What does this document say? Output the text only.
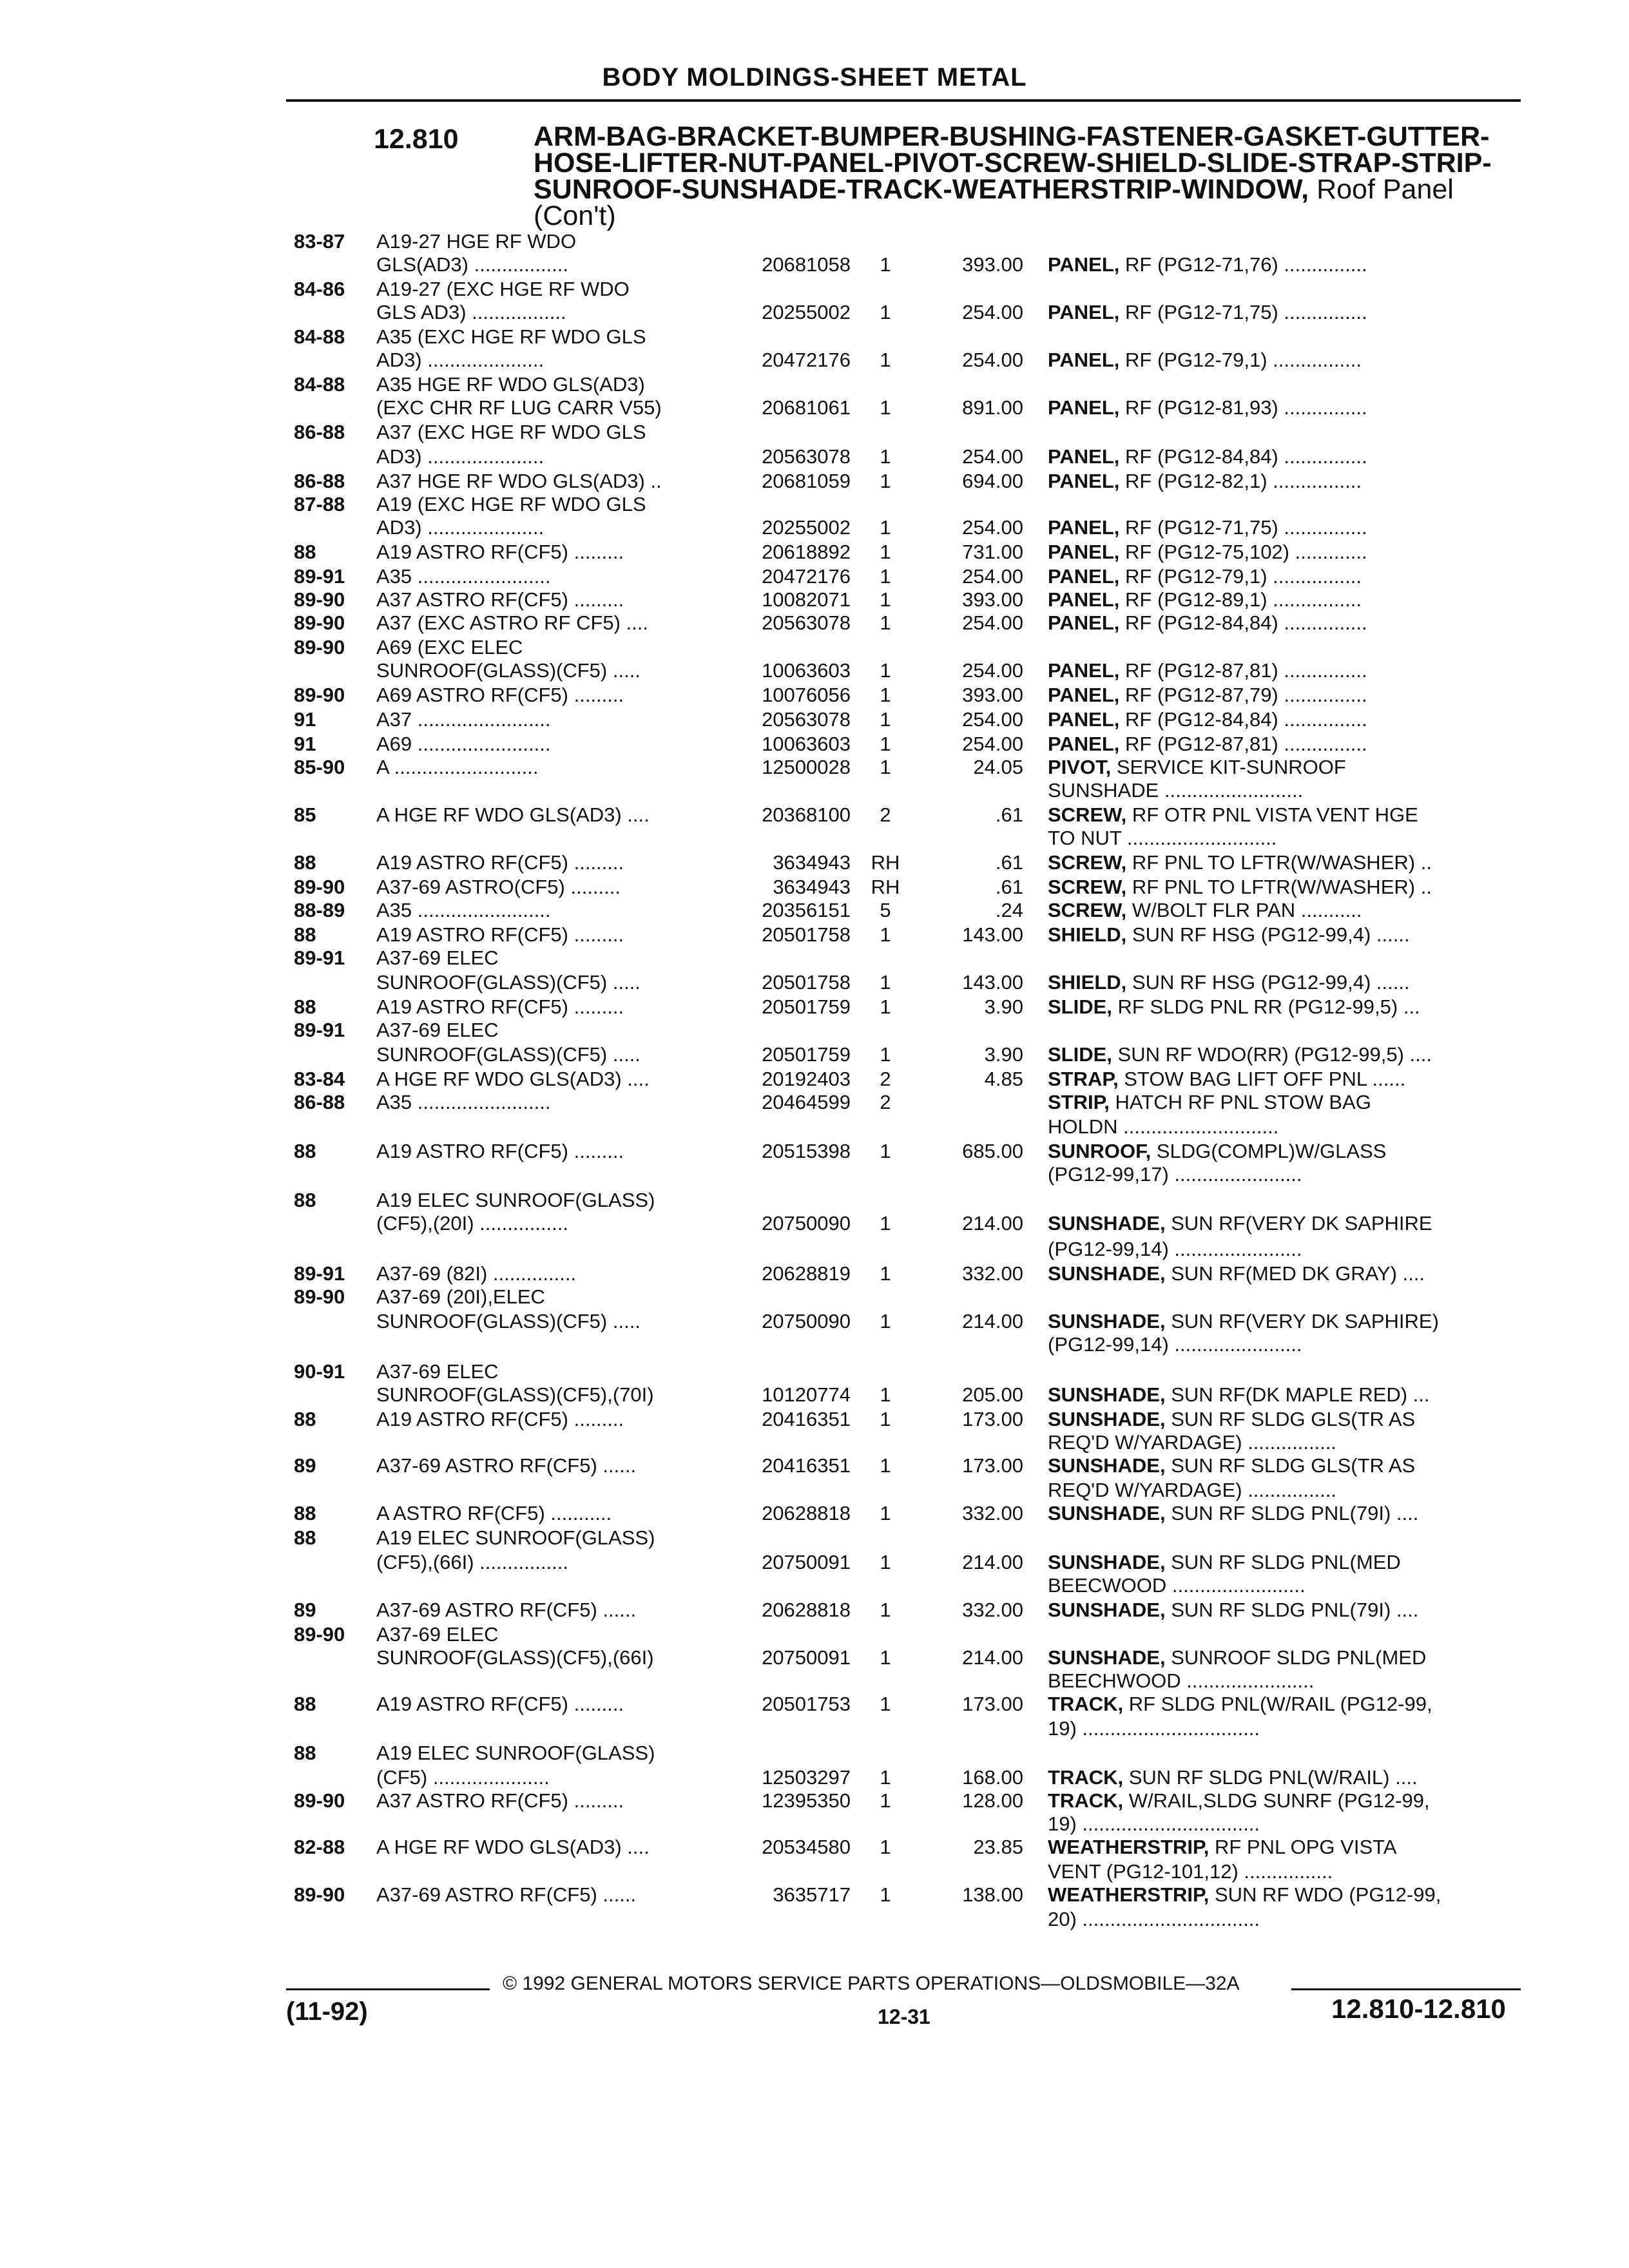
BODY MOLDINGS-SHEET METAL
12.810	ARM-BAG-BRACKET-BUMPER-BUSHING-FASTENER-GASKET-GUTTER-HOSE-LIFTER-NUT-PANEL-PIVOT-SCREW-SHIELD-SLIDE-STRAP-STRIP-SUNROOF-SUNSHADE-TRACK-WEATHERSTRIP-WINDOW, Roof Panel (Con't)
83-87	A19-27 HGE RF WDO
GLS(AD3) .................	20681058	1	393.00 PANEL, RF (PG12-71,76) ...............
84-86	A19-27 (EXC HGE RF WDO
GLS AD3) .................	20255002	1	254.00 PANEL, RF (PG12-71,75) ...............
84-88	A35 (EXC HGE RF WDO GLS
AD3) .....................	20472176	1	254.00 PANEL, RF (PG12-79,1) ................
84-88	A35 HGE RF WDO GLS(AD3)
(EXC CHR RF LUG CARR V55)	20681061	1	891.00 PANEL, RF (PG12-81,93) ...............
86-88	A37 (EXC HGE RF WDO GLS
AD3) .....................	20563078	1	254.00 PANEL, RF (PG12-84,84) ...............
86-88	A37 HGE RF WDO GLS(AD3) ..	20681059	1	694.00 PANEL, RF (PG12-82,1) ................
87-88	A19 (EXC HGE RF WDO GLS
AD3) .....................	20255002	1	254.00 PANEL, RF (PG12-71,75) ...............
88	A19 ASTRO RF(CF5) .........	20618892	1	731.00 PANEL, RF (PG12-75,102) .............
89-91	A35 ........................	20472176	1	254.00 PANEL, RF (PG12-79,1) ................
89-90	A37 ASTRO RF(CF5) .........	10082071	1	393.00 PANEL, RF (PG12-89,1) ................
89-90	A37 (EXC ASTRO RF CF5) ....	20563078	1	254.00 PANEL, RF (PG12-84,84) ...............
89-90	A69 (EXC ELEC
SUNROOF(GLASS)(CF5) .....	10063603	1	254.00 PANEL, RF (PG12-87,81) ...............
89-90	A69 ASTRO RF(CF5) .........	10076056	1	393.00 PANEL, RF (PG12-87,79) ...............
91	A37 ........................	20563078	1	254.00 PANEL, RF (PG12-84,84) ...............
91	A69 ........................	10063603	1	254.00 PANEL, RF (PG12-87,81) ...............
85-90	A ..........................	12500028	1	24.05 PIVOT, SERVICE KIT-SUNROOF
SUNSHADE .........................
85	A HGE RF WDO GLS(AD3) ....	20368100	2	.61 SCREW, RF OTR PNL VISTA VENT HGE
TO NUT ...........................
88	A19 ASTRO RF(CF5) .........	3634943	RH	.61 SCREW, RF PNL TO LFTR(W/WASHER) ..
89-90	A37-69 ASTRO(CF5) .........	3634943	RH	.61 SCREW, RF PNL TO LFTR(W/WASHER) ..
88-89	A35 ........................	20356151	5	.24 SCREW, W/BOLT FLR PAN ...........
88	A19 ASTRO RF(CF5) .........	20501758	1	143.00 SHIELD, SUN RF HSG (PG12-99,4) ......
89-91	A37-69 ELEC
SUNROOF(GLASS)(CF5) .....	20501758	1	143.00 SHIELD, SUN RF HSG (PG12-99,4) ......
88	A19 ASTRO RF(CF5) .........	20501759	1	3.90 SLIDE, RF SLDG PNL RR (PG12-99,5) ...
89-91	A37-69 ELEC
SUNROOF(GLASS)(CF5) .....	20501759	1	3.90 SLIDE, SUN RF WDO(RR) (PG12-99,5) ....
83-84	A HGE RF WDO GLS(AD3) ....	20192403	2	4.85 STRAP, STOW BAG LIFT OFF PNL ......
86-88	A35 ........................	20464599	2	STRIP, HATCH RF PNL STOW BAG
HOLDN ............................
88	A19 ASTRO RF(CF5) .........	20515398	1	685.00 SUNROOF, SLDG(COMPL)W/GLASS
(PG12-99,17) .......................
88	A19 ELEC SUNROOF(GLASS)
(CF5),(20I) ................	20750090	1	214.00 SUNSHADE, SUN RF(VERY DK SAPHIRE
(PG12-99,14) .......................
89-91	A37-69 (82I) ...............	20628819	1	332.00 SUNSHADE, SUN RF(MED DK GRAY) ....
89-90	A37-69 (20I),ELEC
SUNROOF(GLASS)(CF5) .....	20750090	1	214.00 SUNSHADE, SUN RF(VERY DK SAPHIRE)
(PG12-99,14) .......................
90-91	A37-69 ELEC
SUNROOF(GLASS)(CF5),(70I)	10120774	1	205.00 SUNSHADE, SUN RF(DK MAPLE RED) ...
88	A19 ASTRO RF(CF5) .........	20416351	1	173.00 SUNSHADE, SUN RF SLDG GLS(TR AS
REQ'D W/YARDAGE) ................
89	A37-69 ASTRO RF(CF5) ......	20416351	1	173.00 SUNSHADE, SUN RF SLDG GLS(TR AS
REQ'D W/YARDAGE) ................
88	A ASTRO RF(CF5) ...........	20628818	1	332.00 SUNSHADE, SUN RF SLDG PNL(79I) ....
88	A19 ELEC SUNROOF(GLASS)
(CF5),(66I) ................	20750091	1	214.00 SUNSHADE, SUN RF SLDG PNL(MED
BEECWOOD ........................
89	A37-69 ASTRO RF(CF5) ......	20628818	1	332.00 SUNSHADE, SUN RF SLDG PNL(79I) ....
89-90	A37-69 ELEC
SUNROOF(GLASS)(CF5),(66I)	20750091	1	214.00 SUNSHADE, SUNROOF SLDG PNL(MED
BEECHWOOD .......................
88	A19 ASTRO RF(CF5) .........	20501753	1	173.00 TRACK, RF SLDG PNL(W/RAIL (PG12-99,
19) ................................
88	A19 ELEC SUNROOF(GLASS)
(CF5) .....................	12503297	1	168.00 TRACK, SUN RF SLDG PNL(W/RAIL) ....
89-90	A37 ASTRO RF(CF5) .........	12395350	1	128.00 TRACK, W/RAIL,SLDG SUNRF (PG12-99,
19) ................................
82-88	A HGE RF WDO GLS(AD3) ....	20534580	1	23.85 WEATHERSTRIP, RF PNL OPG VISTA
VENT (PG12-101,12) ................
89-90	A37-69 ASTRO RF(CF5) ......	3635717	1	138.00 WEATHERSTRIP, SUN RF WDO (PG12-99,
20) ................................
© 1992 GENERAL MOTORS SERVICE PARTS OPERATIONS—OLDSMOBILE—32A
(11-92)	12-31	12.810-12.810
